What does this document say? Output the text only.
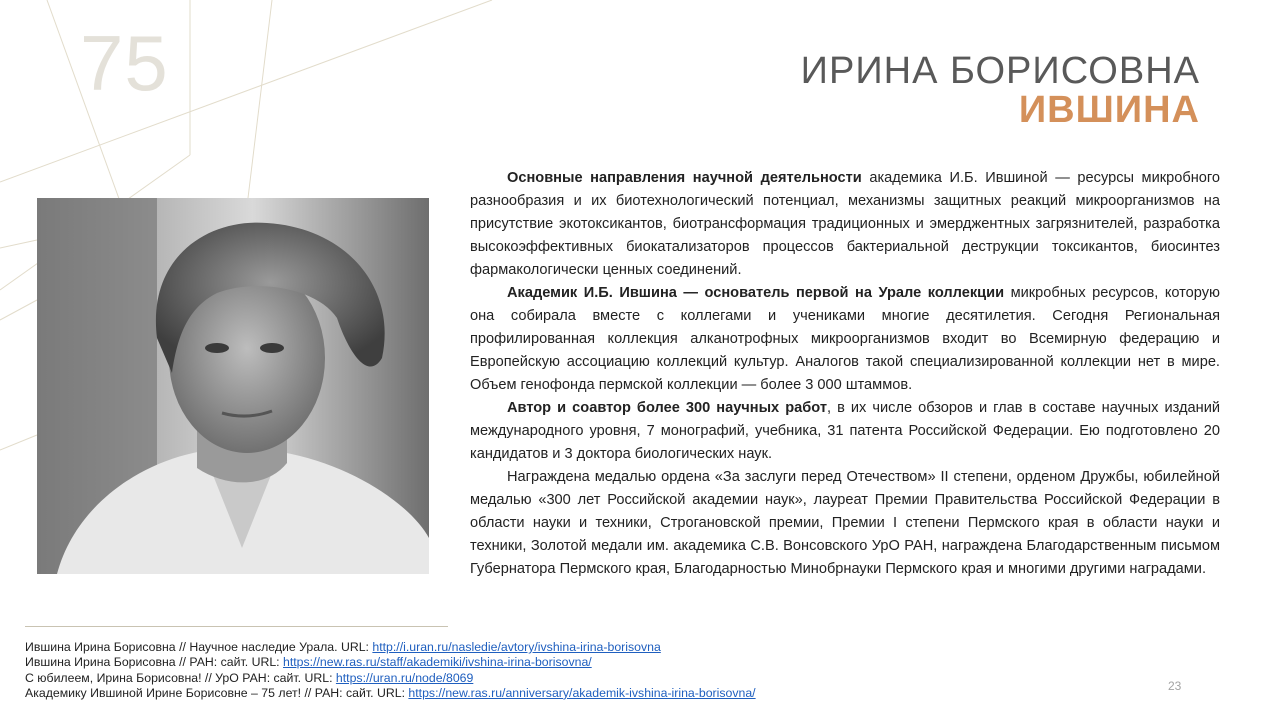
75	ИРИНА БОРИСОВНА
ИВШИНА

Основные направления научной деятельности академика И.Б. Ившиной — ресурсы микробного разнообразия и их биотехнологический потенциал, механизмы защитных реакций микроорганизмов на присутствие экотоксикантов, биотрансформация традиционных и эмерджентных загрязнителей, разработка высокоэффективных биокатализаторов процессов бактериальной деструкции токсикантов, биосинтез фармакологически ценных соединений.

Академик И.Б. Ившина — основатель первой на Урале коллекции микробных ресурсов, которую она собирала вместе с коллегами и учениками многие десятилетия. Сегодня Региональная профилированная коллекция алканотрофных микроорганизмов входит во Всемирную федерацию и Европейскую ассоциацию коллекций культур. Аналогов такой специализированной коллекции нет в мире. Объем генофонда пермской коллекции — более 3 000 штаммов.

Автор и соавтор более 300 научных работ, в их числе обзоров и глав в составе научных изданий международного уровня, 7 монографий, учебника, 31 патента Российской Федерации. Ею подготовлено 20 кандидатов и 3 доктора биологических наук.

Награждена медалью ордена «За заслуги перед Отечеством» II степени, орденом Дружбы, юбилейной медалью «300 лет Российской академии наук», лауреат Премии Правительства Российской Федерации в области науки и техники, Строгановской премии, Премии I степени Пермского края в области науки и техники, Золотой медали им. академика С.В. Вонсовского УрО РАН, награждена Благодарственным письмом Губернатора Пермского края, Благодарностью Минобрнауки Пермского края и многими другими наградами.

Ившина Ирина Борисовна // Научное наследие Урала. URL: http://i.uran.ru/nasledie/avtory/ivshina-irina-borisovna
Ившина Ирина Борисовна // РАН: сайт. URL: https://new.ras.ru/staff/akademiki/ivshina-irina-borisovna/
С юбилеем, Ирина Борисовна! // УрО РАН: сайт. URL: https://uran.ru/node/8069
Академику Ившиной Ирине Борисовне – 75 лет! // РАН: сайт. URL: https://new.ras.ru/anniversary/akademik-ivshina-irina-borisovna/	23
